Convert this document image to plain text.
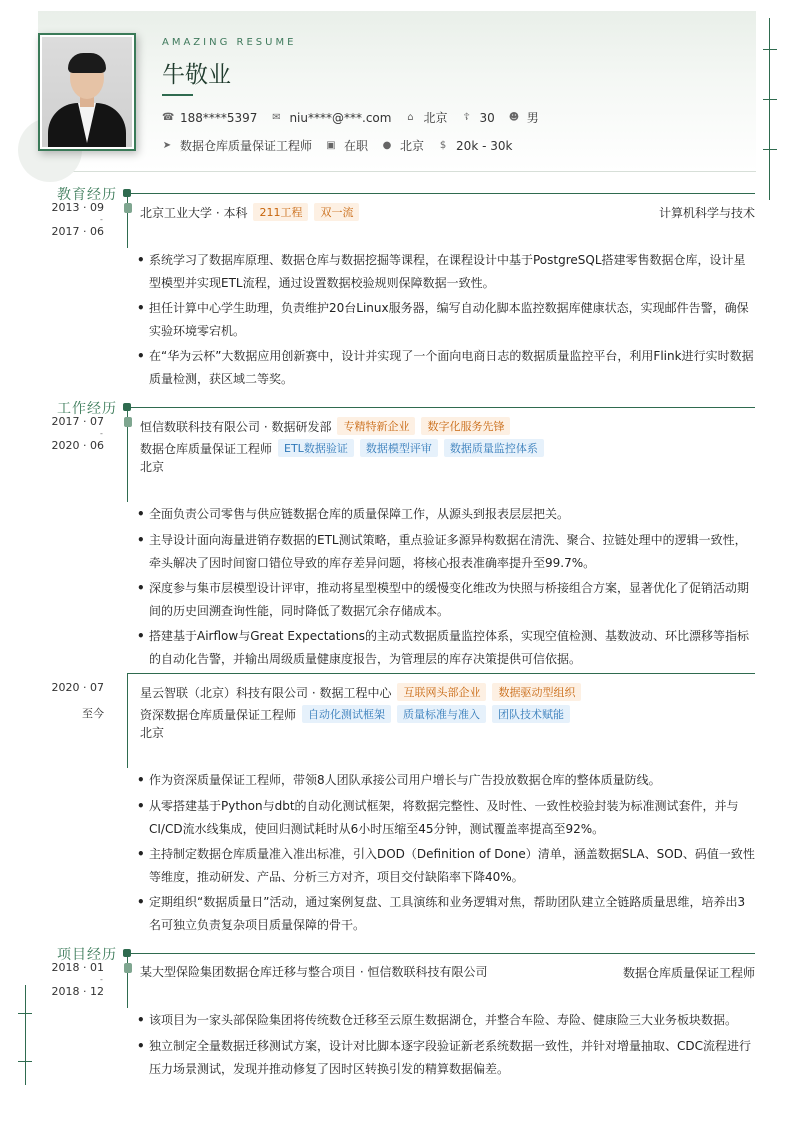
AMAZING RESUME
牛敬业
☎ 188****5397 ✉ niu****@***.com ⌂ 北京 ☦ 30 ☻ 男
➤ 数据仓库质量保证工程师 ▣ 在职 ● 北京 $ 20k - 30k
教育经历
2013 · 09
-
2017 · 06
北京工业大学 · 本科	211工程	双一流	计算机科学与技术
• 系统学习了数据库原理、数据仓库与数据挖掘等课程，在课程设计中基于PostgreSQL搭建零售数据仓库，设计星型模型并实现ETL流程，通过设置数据校验规则保障数据一致性。
• 担任计算中心学生助理，负责维护20台Linux服务器，编写自动化脚本监控数据库健康状态，实现邮件告警，确保实验环境零宕机。
• 在“华为云杯”大数据应用创新赛中，设计并实现了一个面向电商日志的数据质量监控平台，利用Flink进行实时数据质量检测，获区域二等奖。
工作经历
2017 · 07
-
2020 · 06
恒信数联科技有限公司 · 数据研发部	专精特新企业	数字化服务先锋
数据仓库质量保证工程师	ETL数据验证	数据模型评审	数据质量监控体系
北京
• 全面负责公司零售与供应链数据仓库的质量保障工作，从源头到报表层层把关。
• 主导设计面向海量进销存数据的ETL测试策略，重点验证多源异构数据在清洗、聚合、拉链处理中的逻辑一致性，牵头解决了因时间窗口错位导致的库存差异问题，将核心报表准确率提升至99.7%。
• 深度参与集市层模型设计评审，推动将星型模型中的缓慢变化维改为快照与桥接组合方案，显著优化了促销活动期间的历史回溯查询性能，同时降低了数据冗余存储成本。
• 搭建基于Airflow与Great Expectations的主动式数据质量监控体系，实现空值检测、基数波动、环比漂移等指标的自动化告警，并输出周级质量健康度报告，为管理层的库存决策提供可信依据。
2020 · 07
至今
星云智联（北京）科技有限公司 · 数据工程中心	互联网头部企业	数据驱动型组织
资深数据仓库质量保证工程师	自动化测试框架	质量标准与准入	团队技术赋能
北京
• 作为资深质量保证工程师，带领8人团队承接公司用户增长与广告投放数据仓库的整体质量防线。
• 从零搭建基于Python与dbt的自动化测试框架，将数据完整性、及时性、一致性校验封装为标准测试套件，并与CI/CD流水线集成，使回归测试耗时从6小时压缩至45分钟，测试覆盖率提高至92%。
• 主持制定数据仓库质量准入准出标准，引入DOD（Definition of Done）清单，涵盖数据SLA、SOD、码值一致性等维度，推动研发、产品、分析三方对齐，项目交付缺陷率下降40%。
• 定期组织“数据质量日”活动，通过案例复盘、工具演练和业务逻辑对焦，帮助团队建立全链路质量思维，培养出3名可独立负责复杂项目质量保障的骨干。
项目经历
2018 · 01
-
2018 · 12
某大型保险集团数据仓库迁移与整合项目 · 恒信数联科技有限公司	数据仓库质量保证工程师
• 该项目为一家头部保险集团将传统数仓迁移至云原生数据湖仓，并整合车险、寿险、健康险三大业务板块数据。
• 独立制定全量数据迁移测试方案，设计对比脚本逐字段验证新老系统数据一致性，并针对增量抽取、CDC流程进行压力场景测试，发现并推动修复了因时区转换引发的精算数据偏差。
